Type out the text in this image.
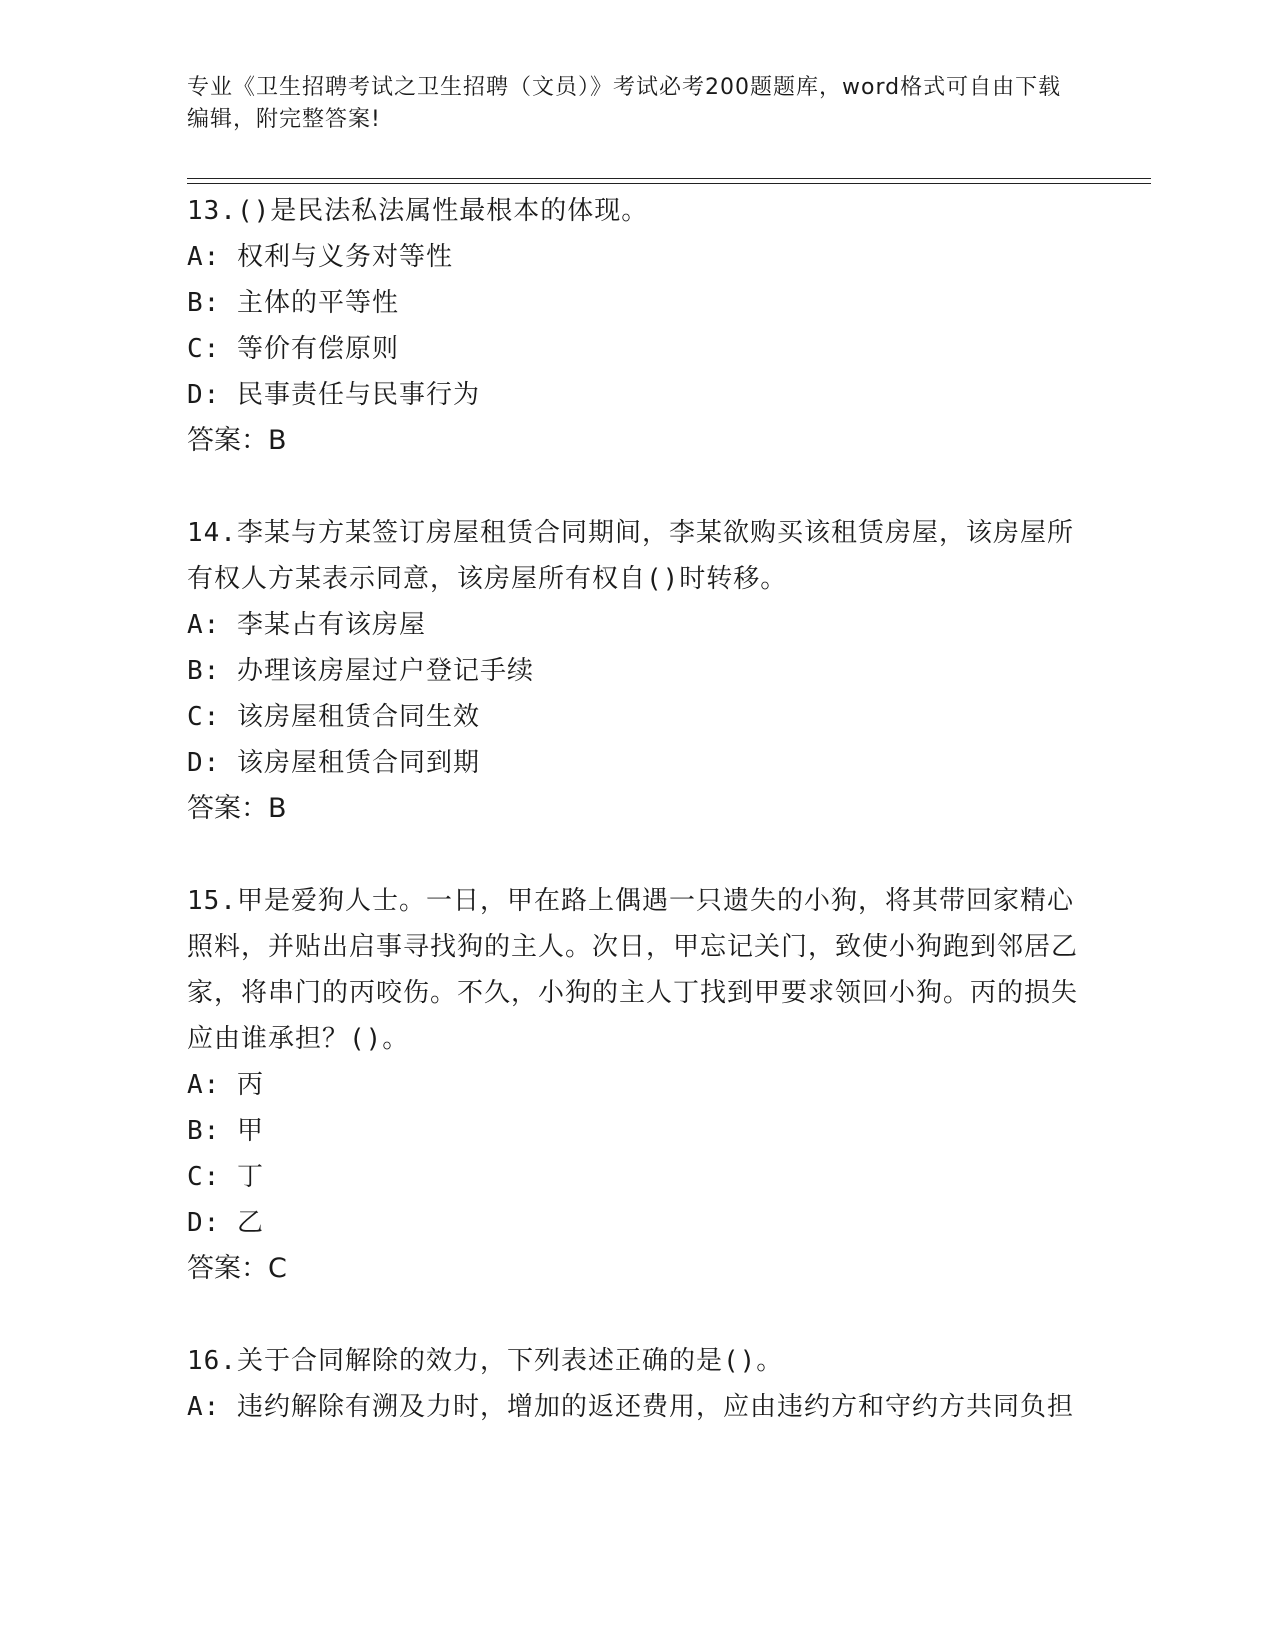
专业《卫生招聘考试之卫生招聘（文员）》考试必考200题题库，word格式可自由下载编辑，附完整答案!
13.()是民法私法属性最根本的体现。
A: 权利与义务对等性
B: 主体的平等性
C: 等价有偿原则
D: 民事责任与民事行为
答案：B
14.李某与方某签订房屋租赁合同期间，李某欲购买该租赁房屋，该房屋所有权人方某表示同意，该房屋所有权自()时转移。
A: 李某占有该房屋
B: 办理该房屋过户登记手续
C: 该房屋租赁合同生效
D: 该房屋租赁合同到期
答案：B
15.甲是爱狗人士。一日，甲在路上偶遇一只遗失的小狗，将其带回家精心照料，并贴出启事寻找狗的主人。次日，甲忘记关门，致使小狗跑到邻居乙家，将串门的丙咬伤。不久，小狗的主人丁找到甲要求领回小狗。丙的损失应由谁承担？()。
A: 丙
B: 甲
C: 丁
D: 乙
答案：C
16.关于合同解除的效力，下列表述正确的是()。
A: 违约解除有溯及力时，增加的返还费用，应由违约方和守约方共同负担
